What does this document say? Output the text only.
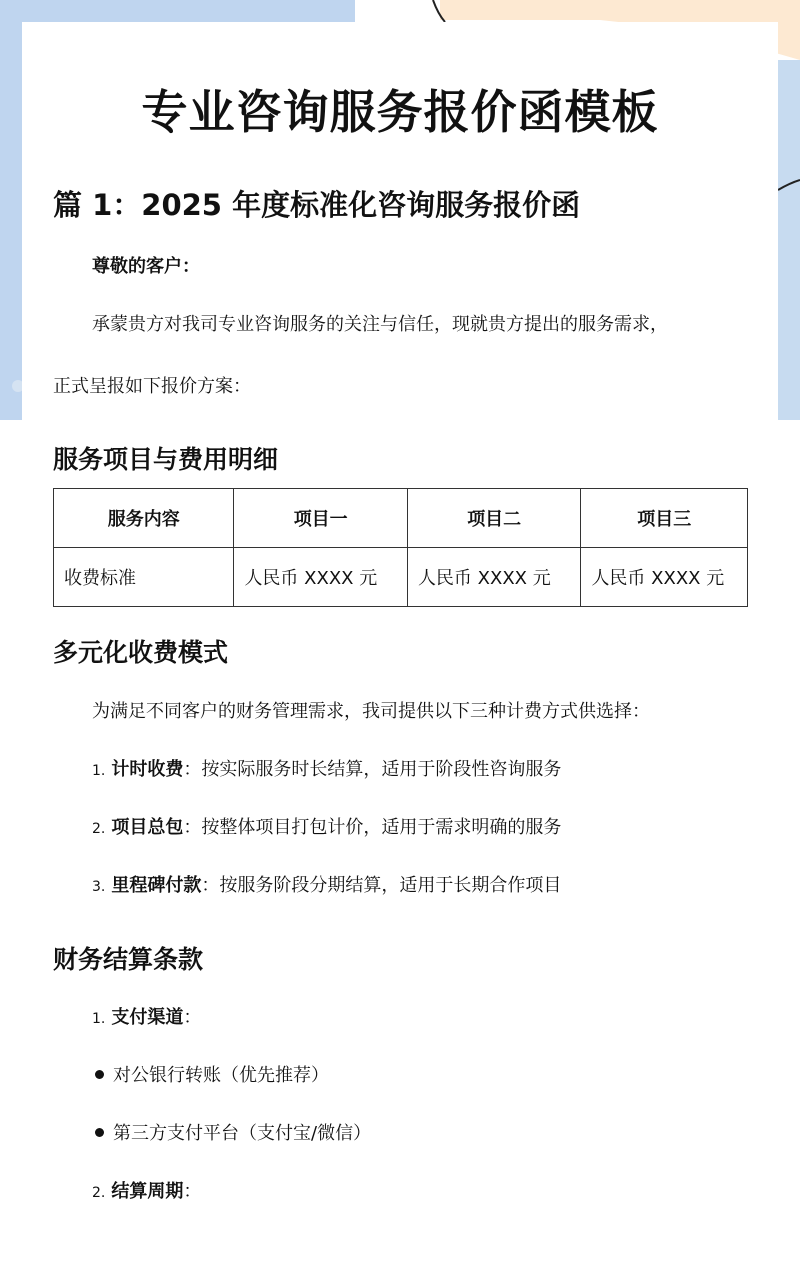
专业咨询服务报价函模板
篇 1：2025 年度标准化咨询服务报价函

尊敬的客户：

承蒙贵方对我司专业咨询服务的关注与信任，现就贵方提出的服务需求，

正式呈报如下报价方案：

服务项目与费用明细
服务内容	项目一	项目二	项目三
收费标准	人民币 XXXX 元	人民币 XXXX 元	人民币 XXXX 元
多元化收费模式

为满足不同客户的财务管理需求，我司提供以下三种计费方式供选择：

1. 计时收费：按实际服务时长结算，适用于阶段性咨询服务

2. 项目总包：按整体项目打包计价，适用于需求明确的服务

3. 里程碑付款：按服务阶段分期结算，适用于长期合作项目

财务结算条款

1. 支付渠道：

对公银行转账（优先推荐）

第三方支付平台（支付宝/微信）

2. 结算周期：
